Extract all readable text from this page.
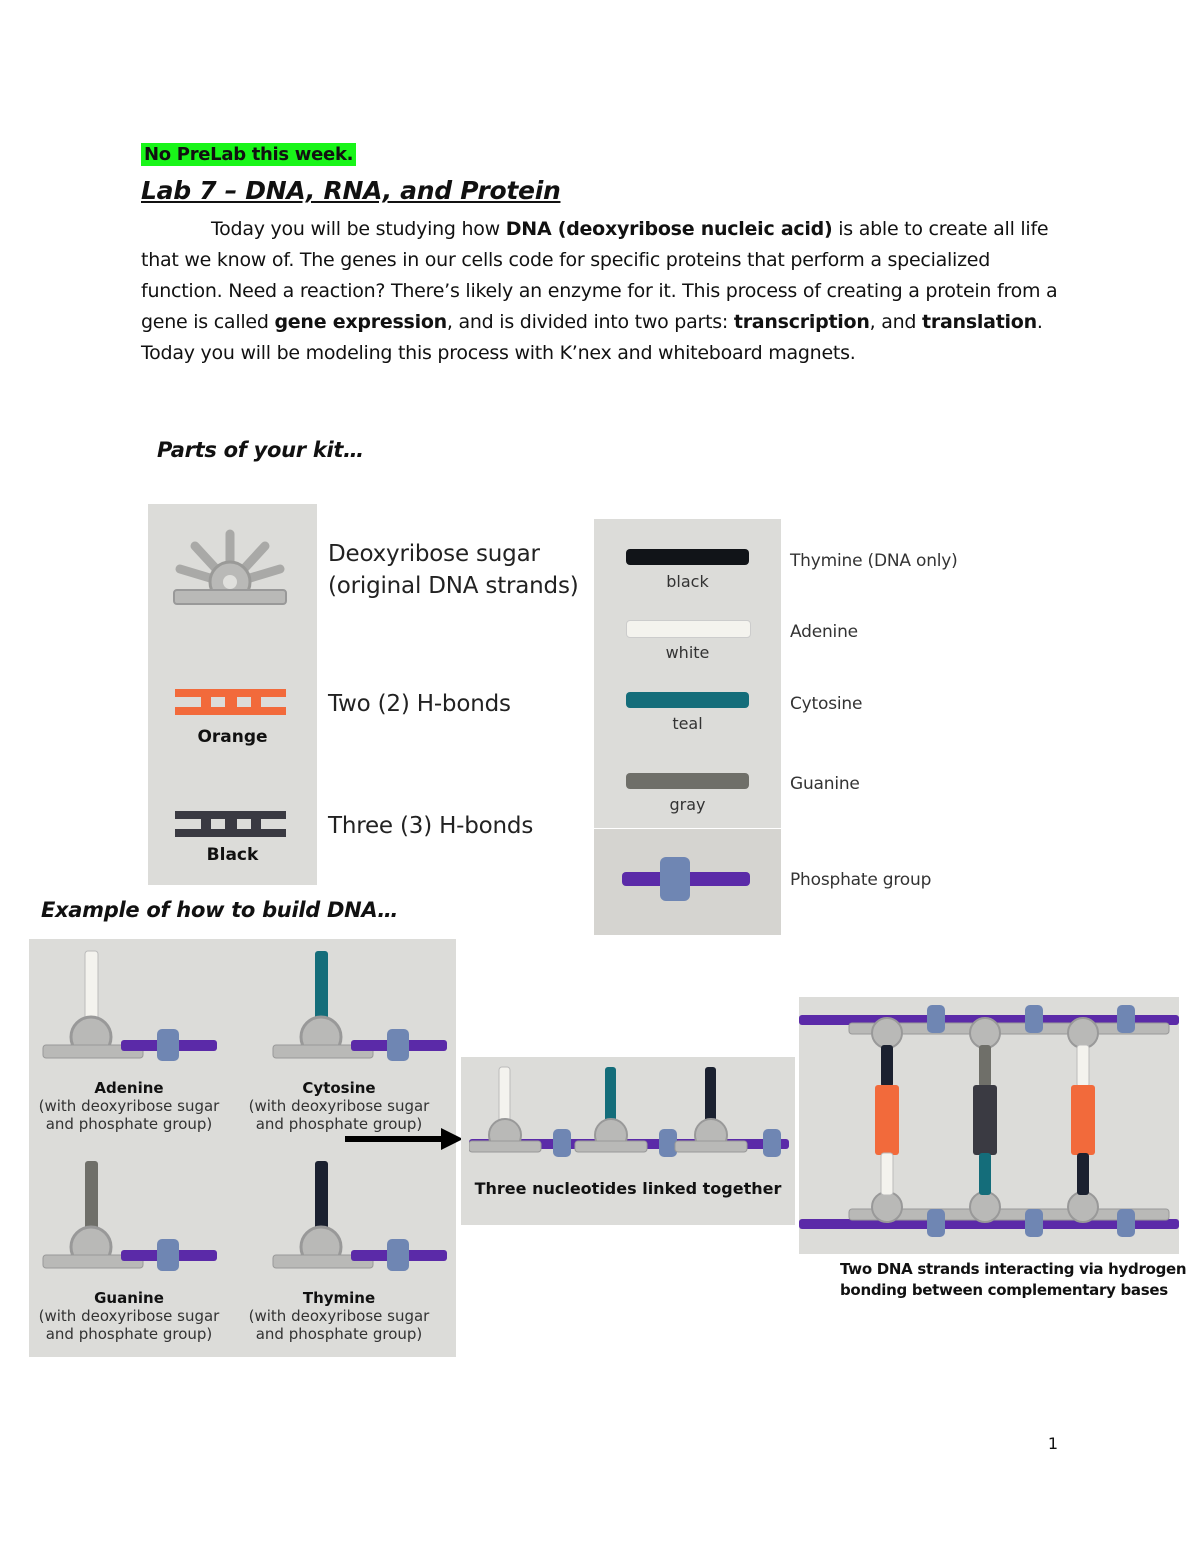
No PreLab this week.
Lab 7 – DNA, RNA, and Protein
Today you will be studying how DNA (deoxyribose nucleic acid) is able to create all life that we know of. The genes in our cells code for specific proteins that perform a specialized function. Need a reaction? There’s likely an enzyme for it. This process of creating a protein from a gene is called gene expression, and is divided into two parts: transcription, and translation. Today you will be modeling this process with K’nex and whiteboard magnets.
Parts of your kit…
Orange
Black
Deoxyribose sugar
(original DNA strands)
Two (2) H-bonds
Three (3) H-bonds
black
white
teal
gray
Thymine (DNA only)
Adenine
Cytosine
Guanine
Phosphate group
Example of how to build DNA…
Adenine
(with deoxyribose sugar
and phosphate group)
Cytosine
(with deoxyribose sugar
and phosphate group)
Guanine
(with deoxyribose sugar
and phosphate group)
Thymine
(with deoxyribose sugar
and phosphate group)
Three nucleotides linked together
Two DNA strands interacting via hydrogen
bonding between complementary bases
1
